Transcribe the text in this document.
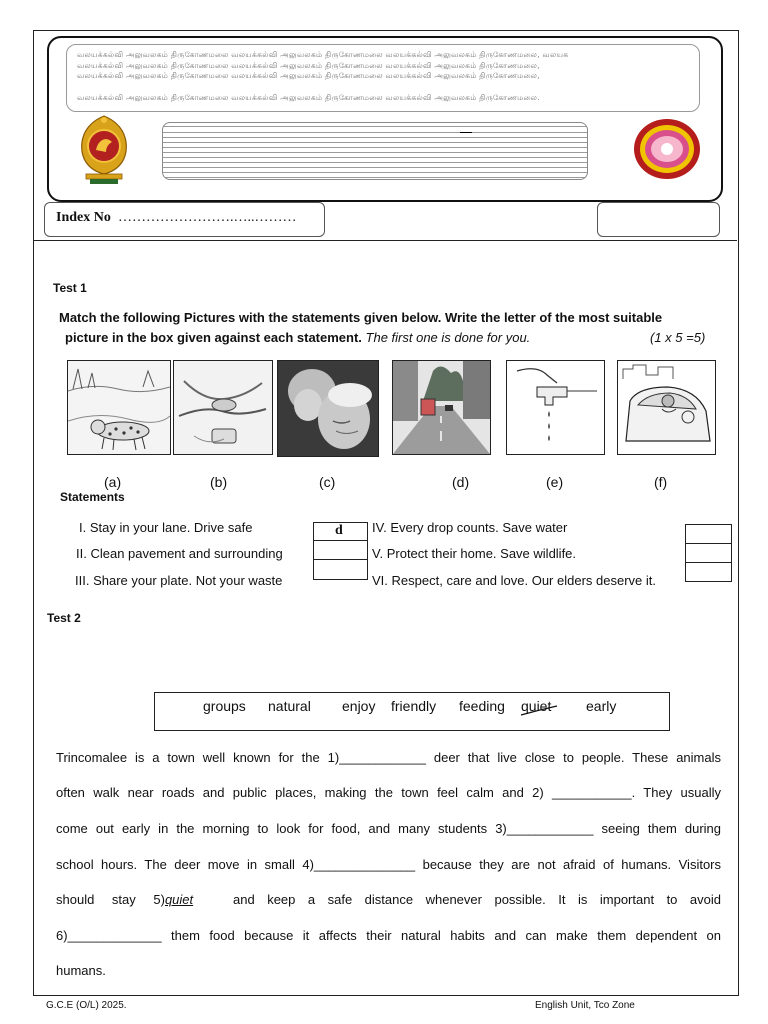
வலயக்கல்வி அலுவலகம் திருகோணமலை வலயக்கல்வி அலுவலகம் திருகோணமலை வலயக்கல்வி அலுவலகம் திருகோணமலை, வலயக
வலயக்கல்வி அலுவலகம் திருகோணமலை வலயக்கல்வி அலுவலகம் திருகோணமலை வலயக்கல்வி அலுவலகம் திருகோணமலை,
வலயக்கல்வி அலுவலகம் திருகோணமலை வலயக்கல்வி அலுவலகம் திருகோணமலை வலயக்கல்வி அலுவலகம் திருகோணமலை,
வலயக்கல்வி அலுவலகம் திருகோணமலை வலயக்கல்வி அலுவலகம் திருகோணமலை வலயக்கல்வி அலுவலகம் திருகோணமலை.
Index No …………………….…..………
Test 1
Match the following Pictures with the statements given below. Write the letter of the most suitable
picture in the box given against each statement. The first one is done for you.	(1 x 5 =5)
(a)	(b)	(c)	(d)	(e)	(f)
Statements
I. Stay in your lane. Drive safe
II. Clean pavement and surrounding
III. Share your plate. Not your waste
d IV. Every drop counts. Save water
V. Protect their home. Save wildlife.
VI. Respect, care and love. Our elders deserve it.
Test 2
groups natural enjoy friendly feeding quiet early
Trincomalee is a town well known for the 1)____________ deer that live close to people. These animals
often walk near roads and public places, making the town feel calm and 2) ___________. They usually
come out early in the morning to look for food, and many students 3)____________ seeing them during
school hours. The deer move in small 4)______________ because they are not afraid of humans. Visitors
should stay 5)quiet	and keep a safe distance whenever possible. It is important to avoid
6)_____________ them food because it affects their natural habits and can make them dependent on
humans.
G.C.E (O/L) 2025.	English Unit, Tco Zone
